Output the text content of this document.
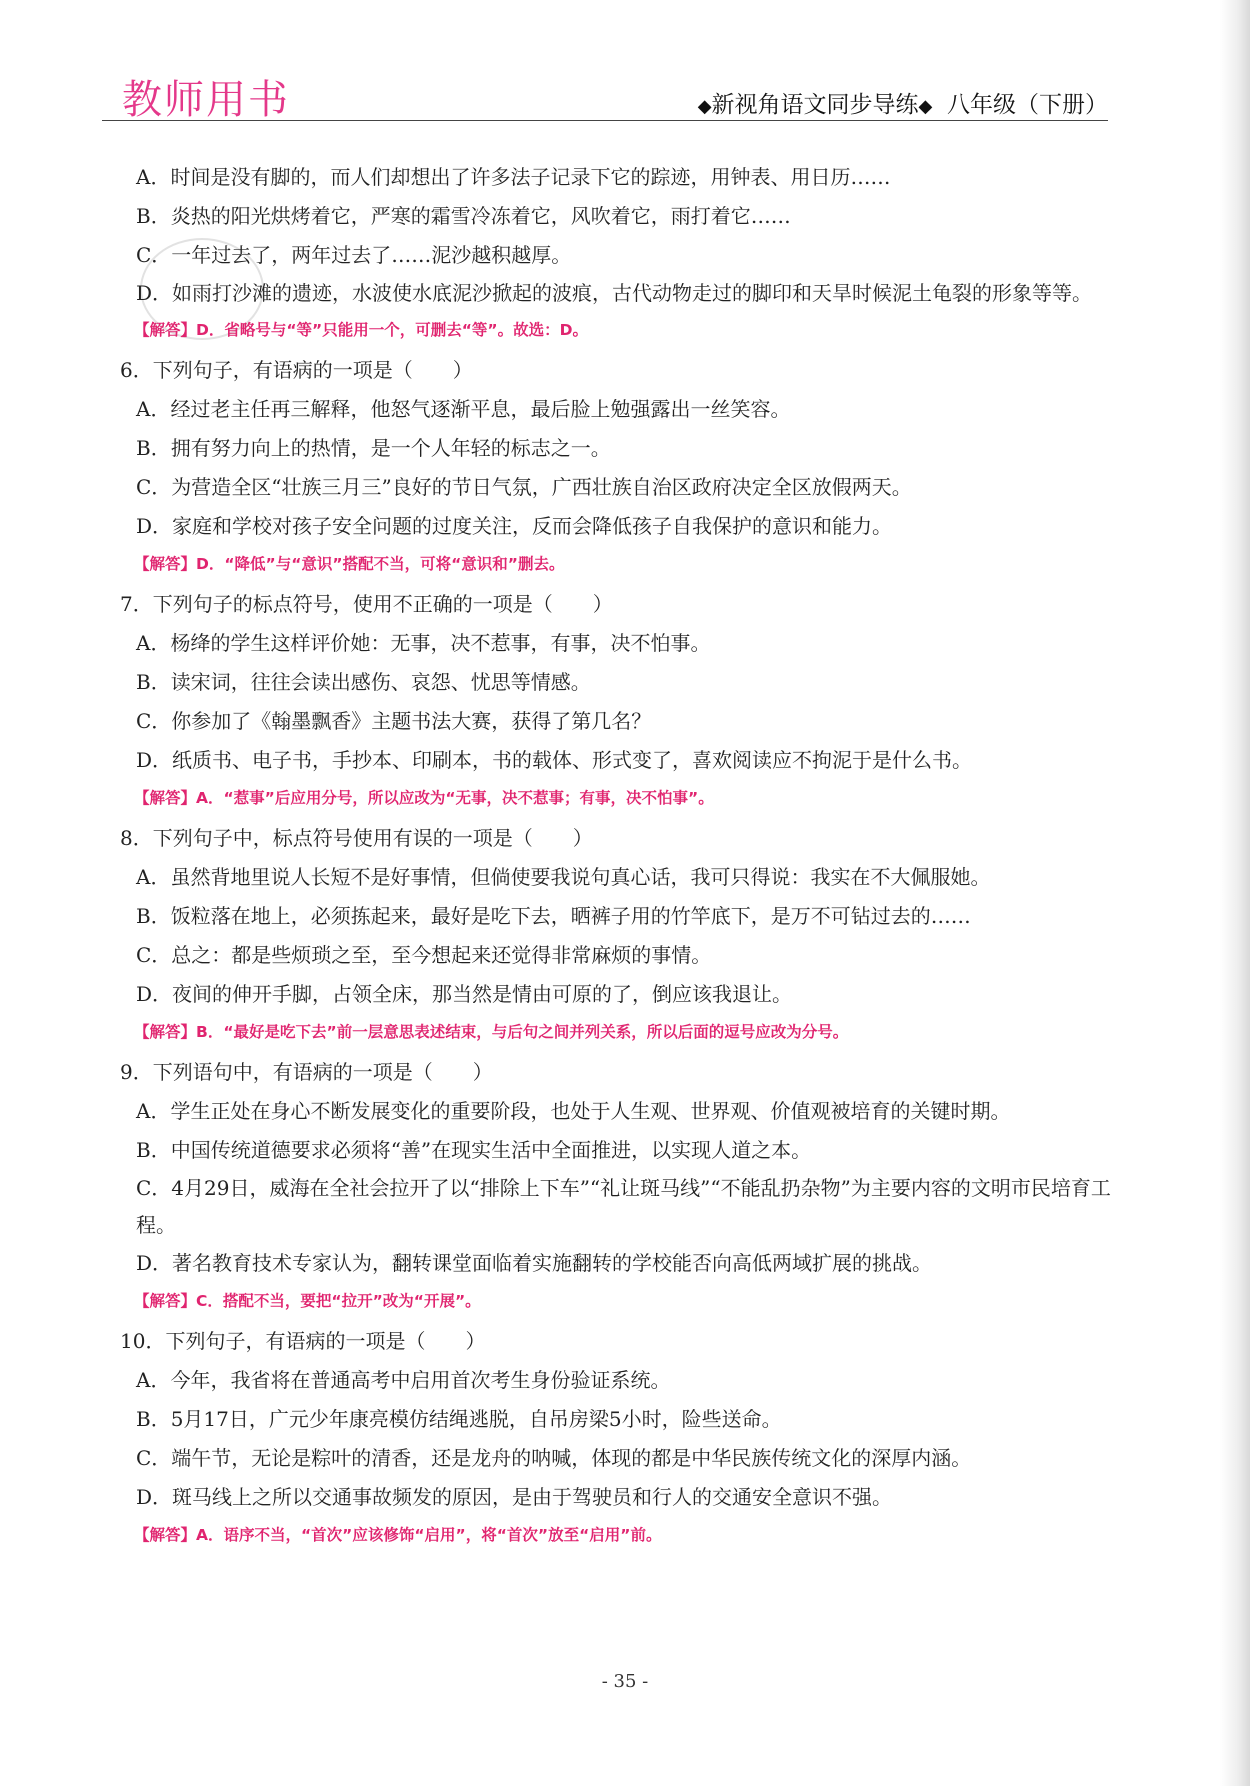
教师用书	◆新视角语文同步导练◆ 八年级（下册）
A．时间是没有脚的，而人们却想出了许多法子记录下它的踪迹，用钟表、用日历……
B．炎热的阳光烘烤着它，严寒的霜雪冷冻着它，风吹着它，雨打着它……
C．一年过去了，两年过去了……泥沙越积越厚。
D．如雨打沙滩的遗迹，水波使水底泥沙掀起的波痕，古代动物走过的脚印和天旱时候泥土龟裂的形象等等。
【解答】D．省略号与“等”只能用一个，可删去“等”。故选：D。
6．下列句子，有语病的一项是（　　）
A．经过老主任再三解释，他怒气逐渐平息，最后脸上勉强露出一丝笑容。
B．拥有努力向上的热情，是一个人年轻的标志之一。
C．为营造全区“壮族三月三”良好的节日气氛，广西壮族自治区政府决定全区放假两天。
D．家庭和学校对孩子安全问题的过度关注，反而会降低孩子自我保护的意识和能力。
【解答】D．“降低”与“意识”搭配不当，可将“意识和”删去。
7．下列句子的标点符号，使用不正确的一项是（　　）
A．杨绛的学生这样评价她：无事，决不惹事，有事，决不怕事。
B．读宋词，往往会读出感伤、哀怨、忧思等情感。
C．你参加了《翰墨飘香》主题书法大赛，获得了第几名？
D．纸质书、电子书，手抄本、印刷本，书的载体、形式变了，喜欢阅读应不拘泥于是什么书。
【解答】A．“惹事”后应用分号，所以应改为“无事，决不惹事；有事，决不怕事”。
8．下列句子中，标点符号使用有误的一项是（　　）
A．虽然背地里说人长短不是好事情，但倘使要我说句真心话，我可只得说：我实在不大佩服她。
B．饭粒落在地上，必须拣起来，最好是吃下去，晒裤子用的竹竿底下，是万不可钻过去的……
C．总之：都是些烦琐之至，至今想起来还觉得非常麻烦的事情。
D．夜间的伸开手脚，占领全床，那当然是情由可原的了，倒应该我退让。
【解答】B．“最好是吃下去”前一层意思表述结束，与后句之间并列关系，所以后面的逗号应改为分号。
9．下列语句中，有语病的一项是（　　）
A．学生正处在身心不断发展变化的重要阶段，也处于人生观、世界观、价值观被培育的关键时期。
B．中国传统道德要求必须将“善”在现实生活中全面推进，以实现人道之本。
C．4月29日，威海在全社会拉开了以“排除上下车”“礼让斑马线”“不能乱扔杂物”为主要内容的文明市民培育工程。
D．著名教育技术专家认为，翻转课堂面临着实施翻转的学校能否向高低两域扩展的挑战。
【解答】C．搭配不当，要把“拉开”改为“开展”。
10．下列句子，有语病的一项是（　　）
A．今年，我省将在普通高考中启用首次考生身份验证系统。
B．5月17日，广元少年康亮模仿结绳逃脱，自吊房梁5小时，险些送命。
C．端午节，无论是粽叶的清香，还是龙舟的呐喊，体现的都是中华民族传统文化的深厚内涵。
D．斑马线上之所以交通事故频发的原因，是由于驾驶员和行人的交通安全意识不强。
【解答】A．语序不当，“首次”应该修饰“启用”，将“首次”放至“启用”前。
- 35 -
